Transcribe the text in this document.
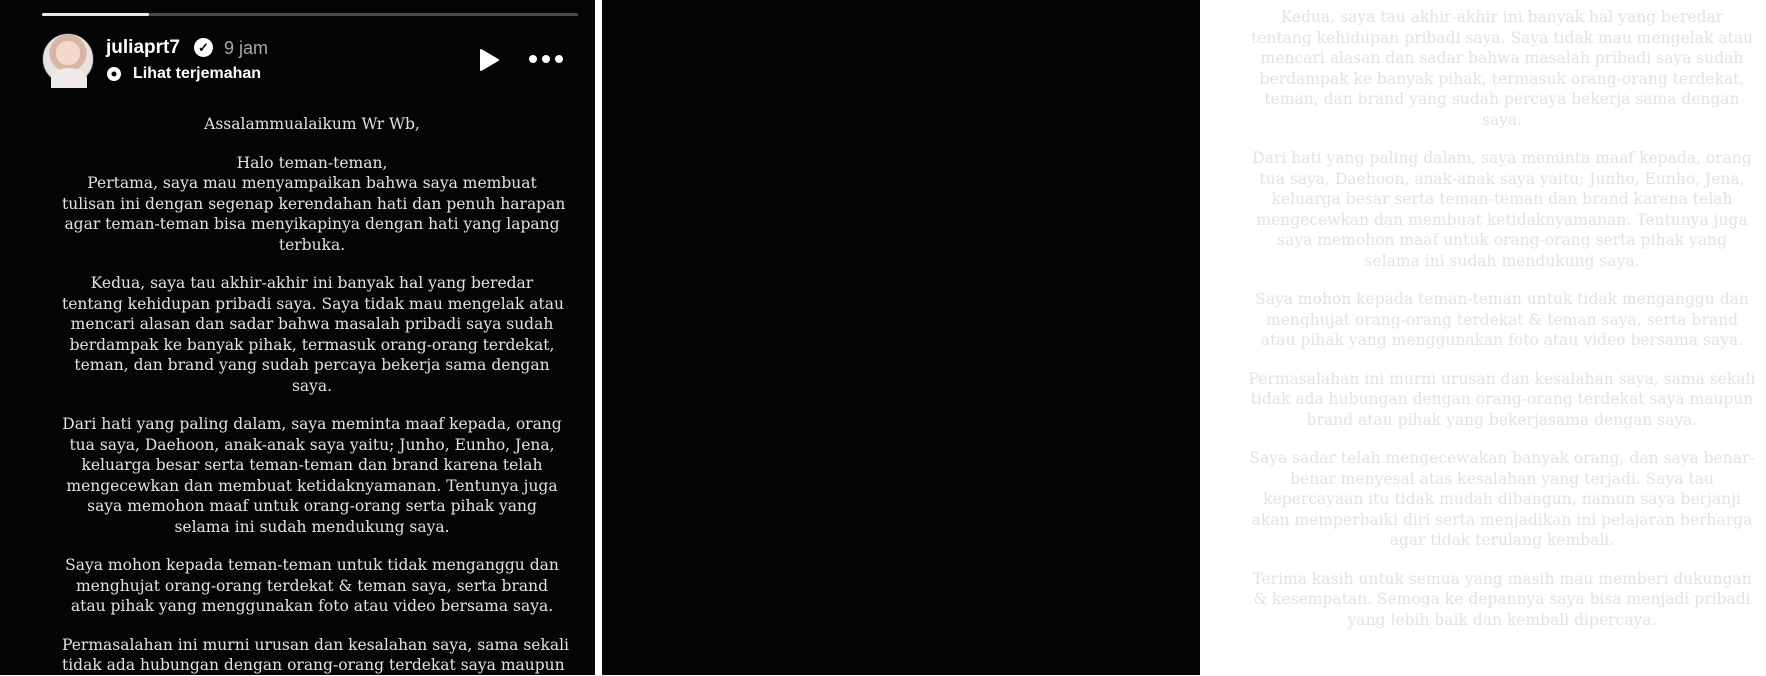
juliaprt7	✓ 9 jam
Lihat terjemahan
Assalammualaikum Wr Wb,
Halo teman-teman,
Pertama, saya mau menyampaikan bahwa saya membuat
tulisan ini dengan segenap kerendahan hati dan penuh harapan
agar teman-teman bisa menyikapinya dengan hati yang lapang
terbuka.
Kedua, saya tau akhir-akhir ini banyak hal yang beredar
tentang kehidupan pribadi saya. Saya tidak mau mengelak atau
mencari alasan dan sadar bahwa masalah pribadi saya sudah
berdampak ke banyak pihak, termasuk orang-orang terdekat,
teman, dan brand yang sudah percaya bekerja sama dengan
saya.
Dari hati yang paling dalam, saya meminta maaf kepada, orang
tua saya, Daehoon, anak-anak saya yaitu; Junho, Eunho, Jena,
keluarga besar serta teman-teman dan brand karena telah
mengecewkan dan membuat ketidaknyamanan. Tentunya juga
saya memohon maaf untuk orang-orang serta pihak yang
selama ini sudah mendukung saya.
Saya mohon kepada teman-teman untuk tidak menganggu dan
menghujat orang-orang terdekat & teman saya, serta brand
atau pihak yang menggunakan foto atau video bersama saya.
Permasalahan ini murni urusan dan kesalahan saya, sama sekali
tidak ada hubungan dengan orang-orang terdekat saya maupun
Kedua, saya tau akhir-akhir ini banyak hal yang beredar
tentang kehidupan pribadi saya. Saya tidak mau mengelak atau
mencari alasan dan sadar bahwa masalah pribadi saya sudah
berdampak ke banyak pihak, termasuk orang-orang terdekat,
teman, dan brand yang sudah percaya bekerja sama dengan
saya.
Dari hati yang paling dalam, saya meminta maaf kepada, orang
tua saya, Daehoon, anak-anak saya yaitu; Junho, Eunho, Jena,
keluarga besar serta teman-teman dan brand karena telah
mengecewkan dan membuat ketidaknyamanan. Tentunya juga
saya memohon maaf untuk orang-orang serta pihak yang
selama ini sudah mendukung saya.
Saya mohon kepada teman-teman untuk tidak menganggu dan
menghujat orang-orang terdekat & teman saya, serta brand
atau pihak yang menggunakan foto atau video bersama saya.
Permasalahan ini murni urusan dan kesalahan saya, sama sekali
tidak ada hubungan dengan orang-orang terdekat saya maupun
brand atau pihak yang bekerjasama dengan saya.
Saya sadar telah mengecewakan banyak orang, dan saya benar-
benar menyesal atas kesalahan yang terjadi. Saya tau
kepercayaan itu tidak mudah dibangun, namun saya berjanji
akan memperbaiki diri serta menjadikan ini pelajaran berharga
agar tidak terulang kembali.
Terima kasih untuk semua yang masih mau memberi dukungan
& kesempatan. Semoga ke depannya saya bisa menjadi pribadi
yang lebih baik dan kembali dipercaya.
